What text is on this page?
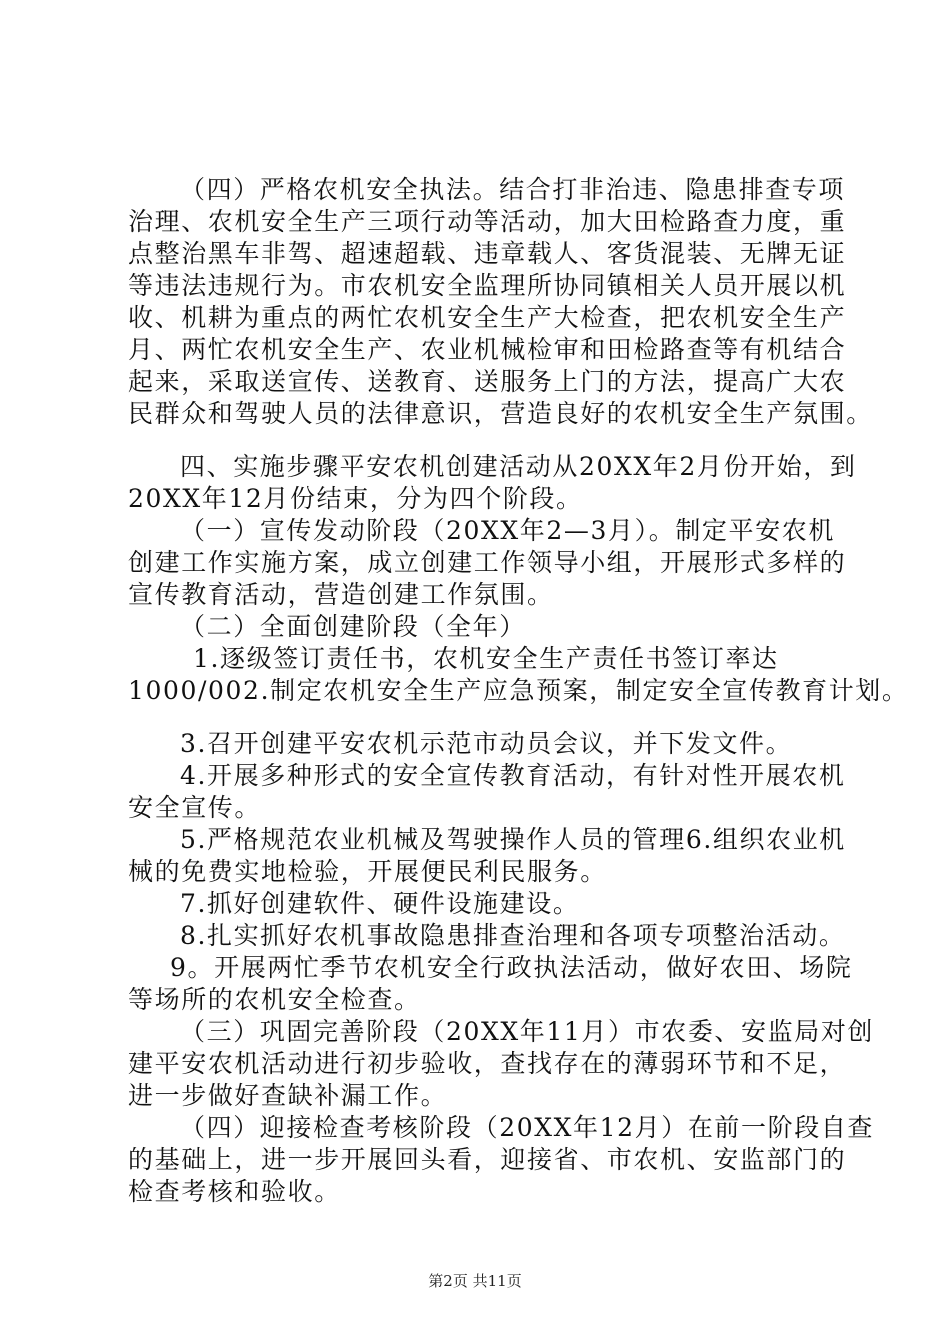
（四）严格农机安全执法。结合打非治违、隐患排查专项
治理、农机安全生产三项行动等活动，加大田检路查力度，重
点整治黑车非驾、超速超载、违章载人、客货混装、无牌无证
等违法违规行为。市农机安全监理所协同镇相关人员开展以机
收、机耕为重点的两忙农机安全生产大检查，把农机安全生产
月、两忙农机安全生产、农业机械检审和田检路查等有机结合
起来，采取送宣传、送教育、送服务上门的方法，提高广大农
民群众和驾驶人员的法律意识，营造良好的农机安全生产氛围。
四、实施步骤平安农机创建活动从20XX年2月份开始，到
20XX年12月份结束，分为四个阶段。
（一）宣传发动阶段（20XX年2—3月）。制定平安农机
创建工作实施方案，成立创建工作领导小组，开展形式多样的
宣传教育活动，营造创建工作氛围。
（二）全面创建阶段（全年）
1.逐级签订责任书，农机安全生产责任书签订率达
1000/002.制定农机安全生产应急预案，制定安全宣传教育计划。
3.召开创建平安农机示范市动员会议，并下发文件。
4.开展多种形式的安全宣传教育活动，有针对性开展农机
安全宣传。
5.严格规范农业机械及驾驶操作人员的管理6.组织农业机
械的免费实地检验，开展便民利民服务。
7.抓好创建软件、硬件设施建设。
8.扎实抓好农机事故隐患排查治理和各项专项整治活动。
9。开展两忙季节农机安全行政执法活动，做好农田、场院
等场所的农机安全检查。
（三）巩固完善阶段（20XX年11月）市农委、安监局对创
建平安农机活动进行初步验收，查找存在的薄弱环节和不足，
进一步做好查缺补漏工作。
（四）迎接检查考核阶段（20XX年12月）在前一阶段自查
的基础上，进一步开展回头看，迎接省、市农机、安监部门的
检查考核和验收。
第2页 共11页
